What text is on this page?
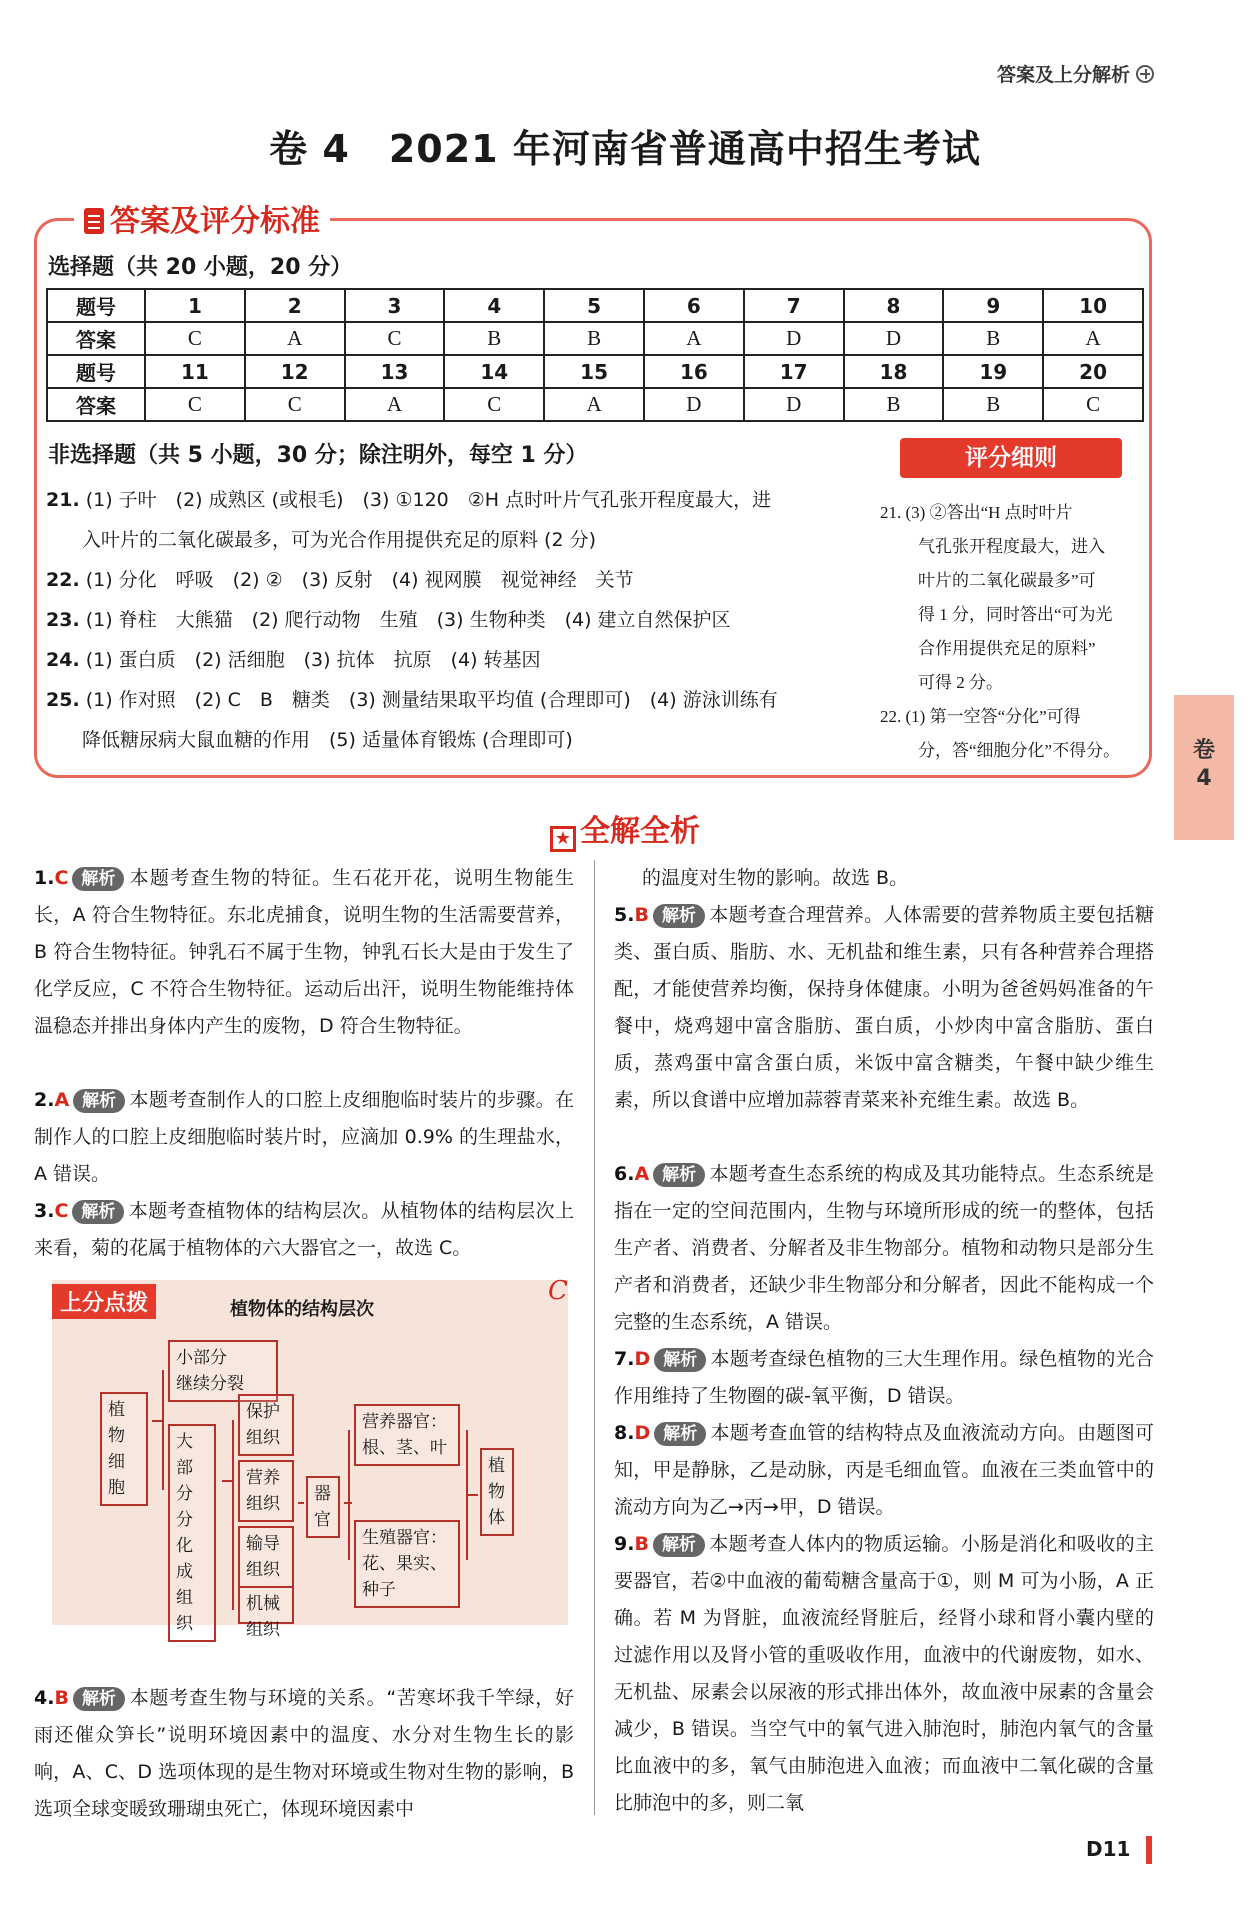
答案及上分解析
卷 4　2021 年河南省普通高中招生考试
答案及评分标准
选择题（共 20 小题，20 分）
题号	1	2	3	4	5	6	7	8	9	10
答案	C	A	C	B	B	A	D	D	B	A
题号	11	12	13	14	15	16	17	18	19	20
答案	C	C	A	C	A	D	D	B	B	C
非选择题（共 5 小题，30 分；除注明外，每空 1 分）
21. (1) 子叶　(2) 成熟区 (或根毛)　(3) ①120　②H 点时叶片气孔张开程度最大，进
入叶片的二氧化碳最多，可为光合作用提供充足的原料 (2 分)
22. (1) 分化　呼吸　(2) ②　(3) 反射　(4) 视网膜　视觉神经　关节
23. (1) 脊柱　大熊猫　(2) 爬行动物　生殖　(3) 生物种类　(4) 建立自然保护区
24. (1) 蛋白质　(2) 活细胞　(3) 抗体　抗原　(4) 转基因
25. (1) 作对照　(2) C　B　糖类　(3) 测量结果取平均值 (合理即可)　(4) 游泳训练有
降低糖尿病大鼠血糖的作用　(5) 适量体育锻炼 (合理即可)
评分细则
21. (3) ②答出“H 点时叶片
气孔张开程度最大，进入
叶片的二氧化碳最多”可
得 1 分，同时答出“可为光
合作用提供充足的原料”
可得 2 分。
22. (1) 第一空答“分化”可得
分，答“细胞分化”不得分。	卷
4
★ 全解全析
1.C 解析 本题考查生物的特征。生石花开花，说明生物能生长，A 符合生物特征。东北虎捕食，说明生物的生活需要营养，B 符合生物特征。钟乳石不属于生物，钟乳石长大是由于发生了化学反应，C 不符合生物特征。运动后出汗，说明生物能维持体温稳态并排出身体内产生的废物，D 符合生物特征。
2.A 解析 本题考查制作人的口腔上皮细胞临时装片的步骤。在制作人的口腔上皮细胞临时装片时，应滴加 0.9% 的生理盐水，A 错误。
3.C 解析 本题考查植物体的结构层次。从植物体的结构层次上来看，菊的花属于植物体的六大器官之一，故选 C。
植物
细胞
小部分
继续分裂
大部
分分
化成
组织
保护
组织
营养
组织
输导
组织
机械
组织
器
官
营养器官：
根、茎、叶
生殖器官：
花、果实、
种子
植
物
体
上分点拨	植物体的结构层次
C
4.B 解析 本题考查生物与环境的关系。“苦寒坏我千竿绿，好雨还催众笋长”说明环境因素中的温度、水分对生物生长的影响，A、C、D 选项体现的是生物对环境或生物对生物的影响，B 选项全球变暖致珊瑚虫死亡，体现环境因素中
的温度对生物的影响。故选 B。
5.B 解析 本题考查合理营养。人体需要的营养物质主要包括糖类、蛋白质、脂肪、水、无机盐和维生素，只有各种营养合理搭配，才能使营养均衡，保持身体健康。小明为爸爸妈妈准备的午餐中，烧鸡翅中富含脂肪、蛋白质，小炒肉中富含脂肪、蛋白质，蒸鸡蛋中富含蛋白质，米饭中富含糖类，午餐中缺少维生素，所以食谱中应增加蒜蓉青菜来补充维生素。故选 B。
6.A 解析 本题考查生态系统的构成及其功能特点。生态系统是指在一定的空间范围内，生物与环境所形成的统一的整体，包括生产者、消费者、分解者及非生物部分。植物和动物只是部分生产者和消费者，还缺少非生物部分和分解者，因此不能构成一个完整的生态系统，A 错误。
7.D 解析 本题考查绿色植物的三大生理作用。绿色植物的光合作用维持了生物圈的碳-氧平衡，D 错误。
8.D 解析 本题考查血管的结构特点及血液流动方向。由题图可知，甲是静脉，乙是动脉，丙是毛细血管。血液在三类血管中的流动方向为乙→丙→甲，D 错误。
9.B 解析 本题考查人体内的物质运输。小肠是消化和吸收的主要器官，若②中血液的葡萄糖含量高于①，则 M 可为小肠，A 正确。若 M 为肾脏，血液流经肾脏后，经肾小球和肾小囊内壁的过滤作用以及肾小管的重吸收作用，血液中的代谢废物，如水、无机盐、尿素会以尿液的形式排出体外，故血液中尿素的含量会减少，B 错误。当空气中的氧气进入肺泡时，肺泡内氧气的含量比血液中的多，氧气由肺泡进入血液；而血液中二氧化碳的含量比肺泡中的多，则二氧
D11
